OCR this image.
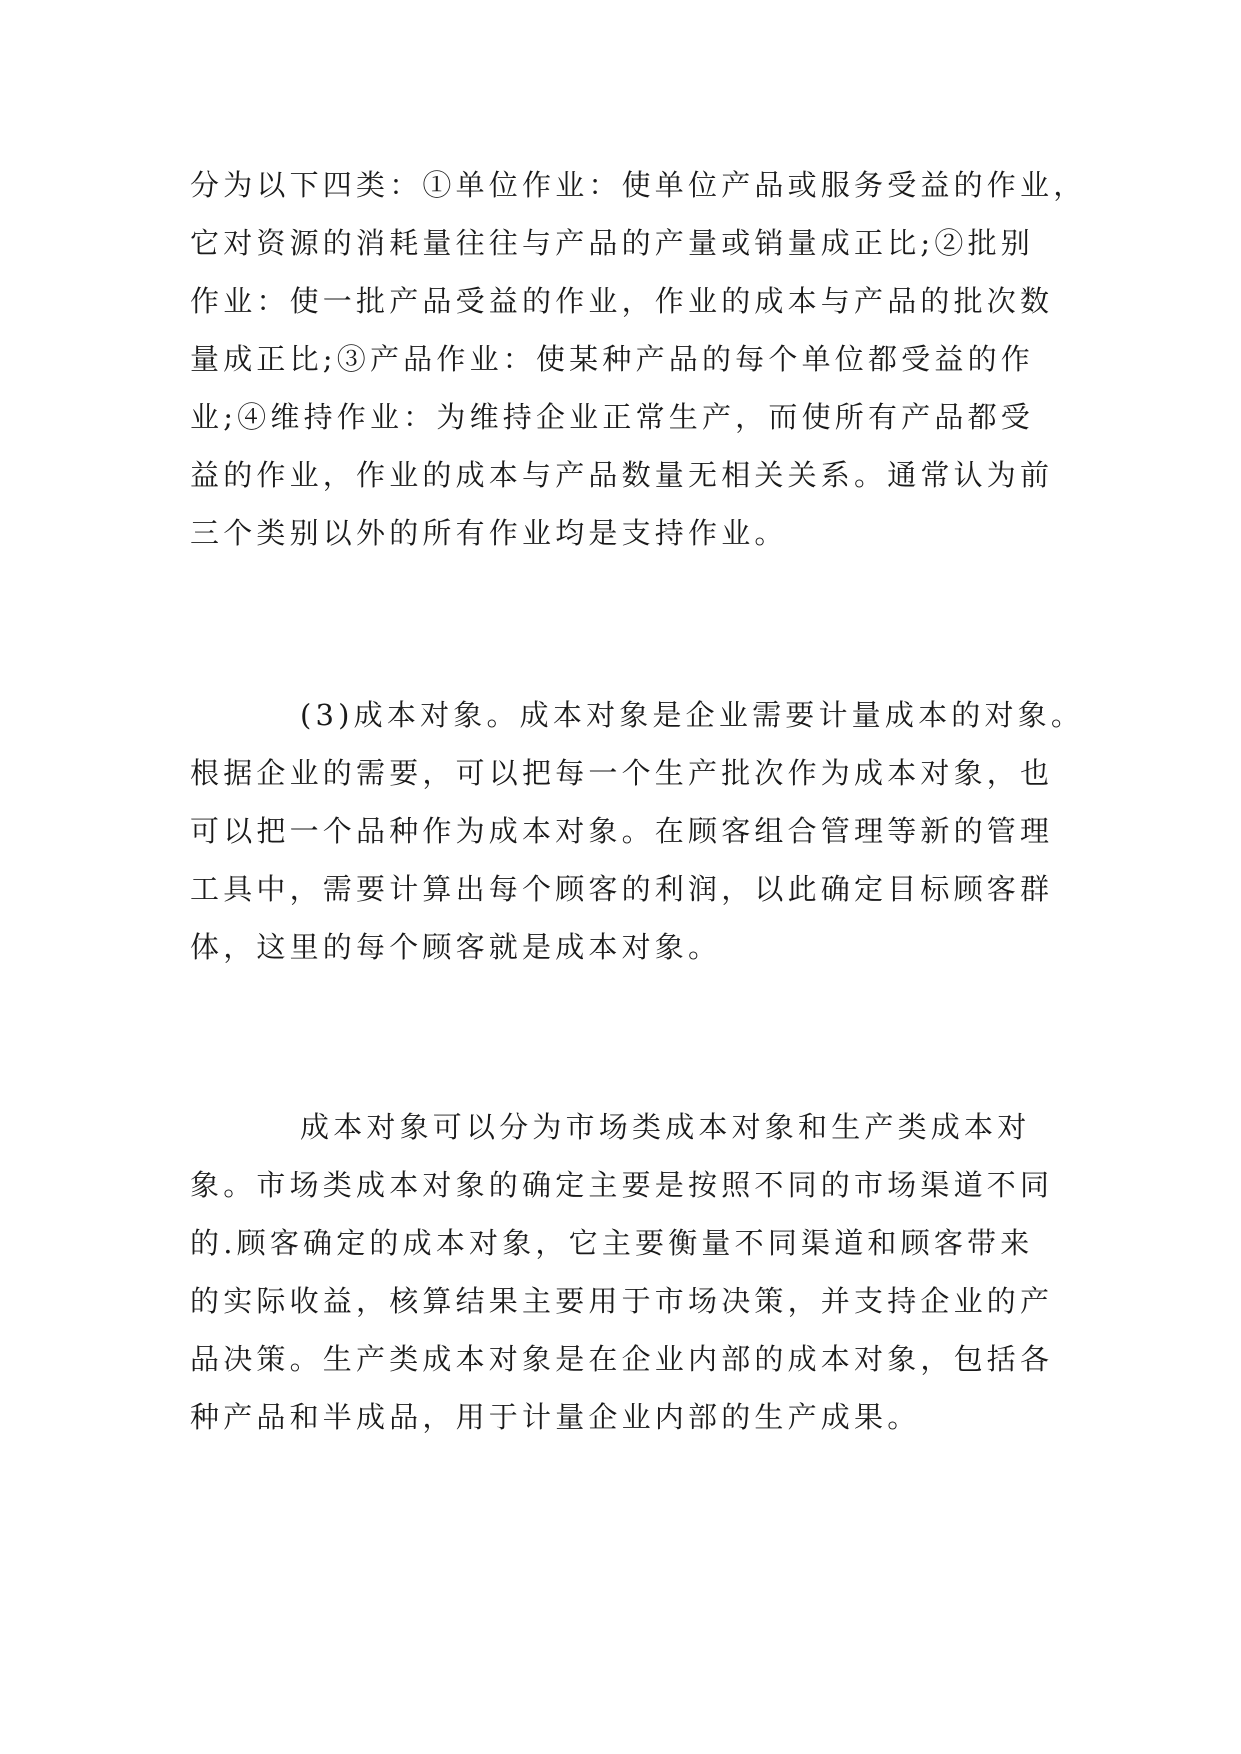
分为以下四类：①单位作业：使单位产品或服务受益的作业，
它对资源的消耗量往往与产品的产量或销量成正比;②批别
作业：使一批产品受益的作业，作业的成本与产品的批次数
量成正比;③产品作业：使某种产品的每个单位都受益的作
业;④维持作业：为维持企业正常生产，而使所有产品都受
益的作业，作业的成本与产品数量无相关关系。通常认为前
三个类别以外的所有作业均是支持作业。
(3)成本对象。成本对象是企业需要计量成本的对象。
根据企业的需要，可以把每一个生产批次作为成本对象，也
可以把一个品种作为成本对象。在顾客组合管理等新的管理
工具中，需要计算出每个顾客的利润，以此确定目标顾客群
体，这里的每个顾客就是成本对象。
成本对象可以分为市场类成本对象和生产类成本对
象。市场类成本对象的确定主要是按照不同的市场渠道不同
的.顾客确定的成本对象，它主要衡量不同渠道和顾客带来
的实际收益，核算结果主要用于市场决策，并支持企业的产
品决策。生产类成本对象是在企业内部的成本对象，包括各
种产品和半成品，用于计量企业内部的生产成果。
